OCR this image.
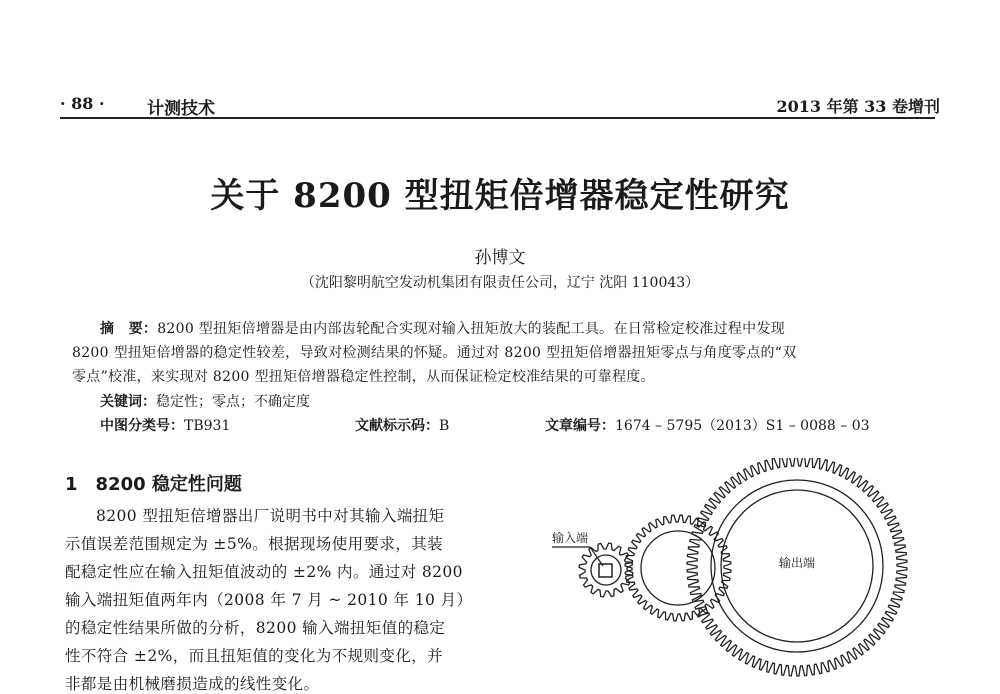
· 88 · 计测技术	2013 年第 33 卷增刊
关于 8200 型扭矩倍增器稳定性研究
孙博文
（沈阳黎明航空发动机集团有限责任公司，辽宁 沈阳 110043）
摘　要：8200 型扭矩倍增器是由内部齿轮配合实现对输入扭矩放大的装配工具。在日常检定校准过程中发现
8200 型扭矩倍增器的稳定性较差，导致对检测结果的怀疑。通过对 8200 型扭矩倍增器扭矩零点与角度零点的“双
零点”校准，来实现对 8200 型扭矩倍增器稳定性控制，从而保证检定校准结果的可靠程度。
关键词：稳定性；零点；不确定度
中图分类号：TB931	文献标示码：B	文章编号：1674 – 5795（2013）S1 – 0088 – 03
1　8200 稳定性问题
8200 型扭矩倍增器出厂说明书中对其输入端扭矩
示值误差范围规定为 ±5%。根据现场使用要求，其装
配稳定性应在输入扭矩值波动的 ±2% 内。通过对 8200
输入端扭矩值两年内（2008 年 7 月 ~ 2010 年 10 月）
的稳定性结果所做的分析，8200 输入端扭矩值的稳定
性不符合 ±2%，而且扭矩值的变化为不规则变化，并
非都是由机械磨损造成的线性变化。
输入端
输出端
